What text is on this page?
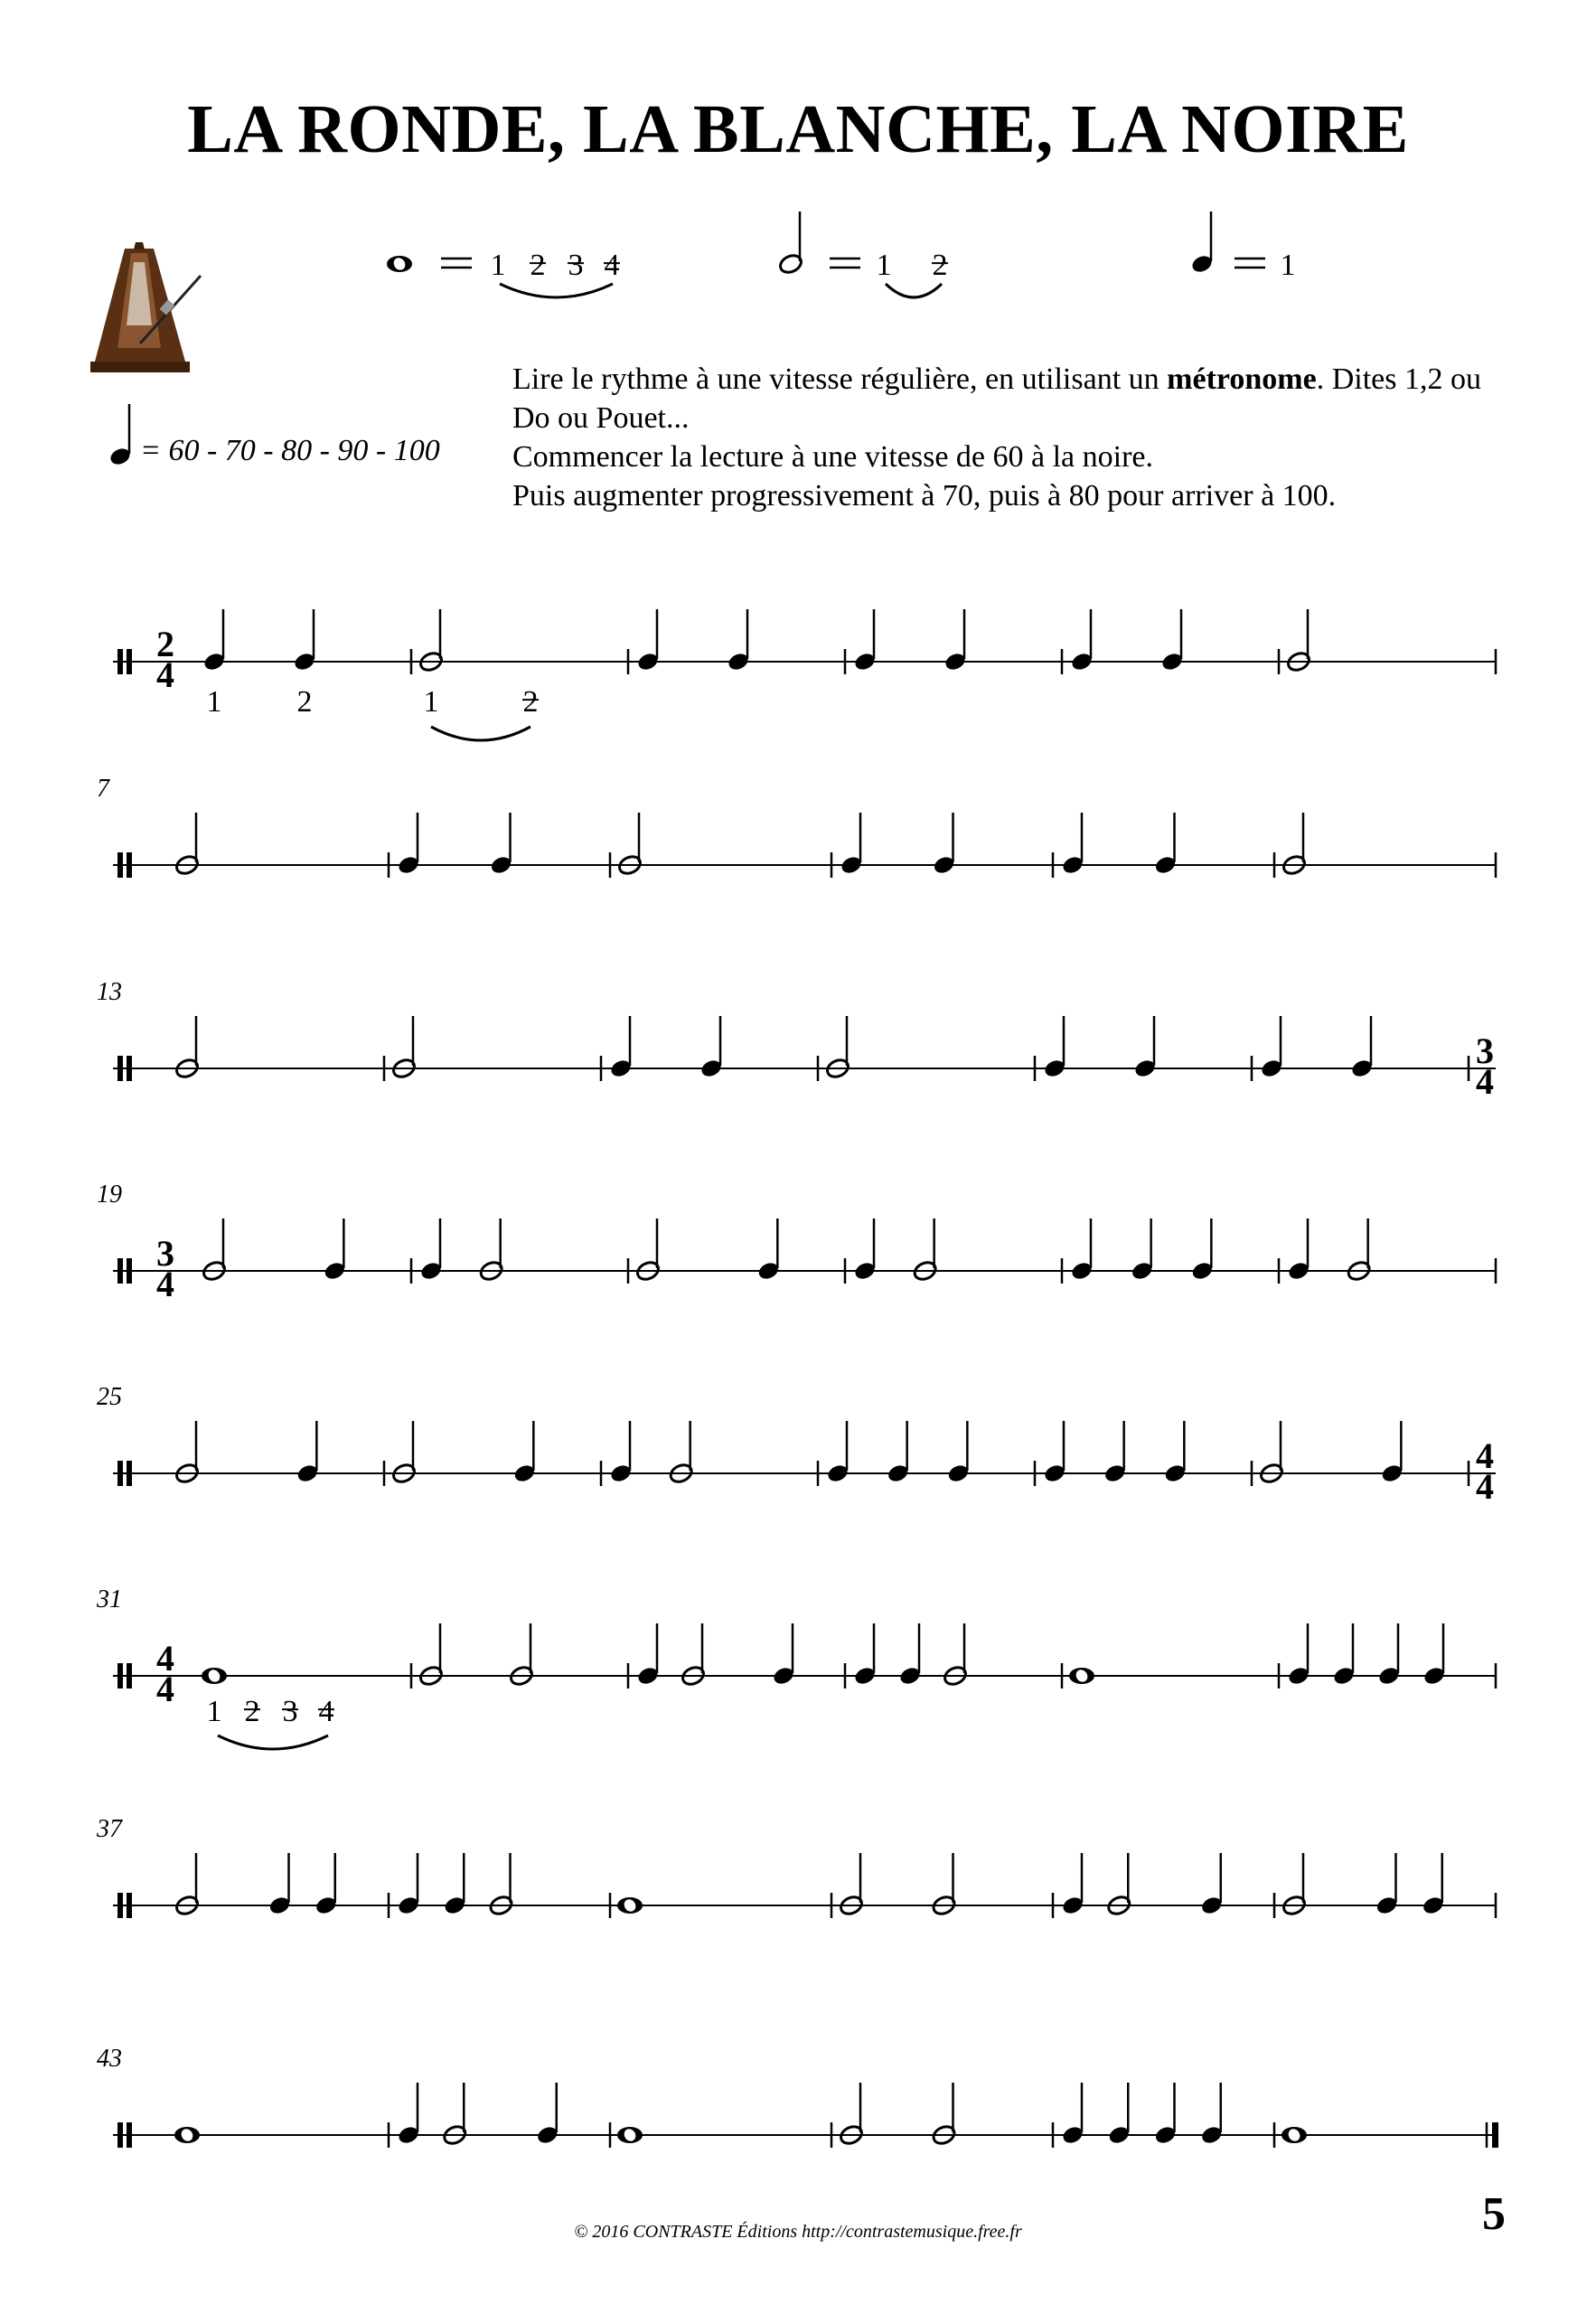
LA RONDE, LA BLANCHE, LA NOIRE
Lire le rythme à une vitesse régulière, en utilisant un métronome. Dites 1,2 ou Do ou Pouet...
Commencer la lecture à une vitesse de 60 à la noire.
Puis augmenter progressivement à 70, puis à 80 pour arriver à 100.
= 60 - 70 - 80 - 90 - 100
1 2 3 4	1 2	1
2
4
1 2	1	2
3
4
3
4
4
4
4
4
1 2 3 4
7
13
19
25
31
37
43
© 2016 CONTRASTE Éditions http://contrastemusique.free.fr	5
